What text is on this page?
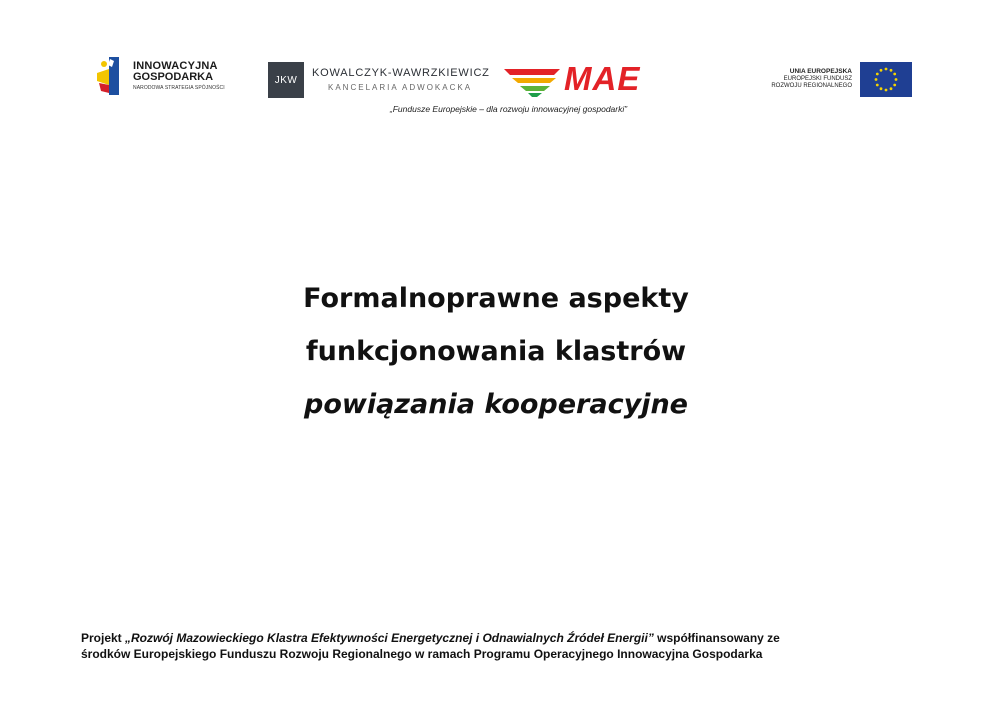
INNOWACYJNA
GOSPODARKA
NARODOWA STRATEGIA SPÓJNOŚCI
JKW
KOWALCZYK-WAWRZKIEWICZ
KANCELARIA ADWOKACKA	MAE
„Fundusze Europejskie – dla rozwoju innowacyjnej gospodarki”
UNIA EUROPEJSKA
EUROPEJSKI FUNDUSZ
ROZWOJU REGIONALNEGO
Formalnoprawne aspekty
funkcjonowania klastrów
powiązania kooperacyjne
Projekt „Rozwój Mazowieckiego Klastra Efektywności Energetycznej i Odnawialnych Źródeł Energii” współfinansowany ze
środków Europejskiego Funduszu Rozwoju Regionalnego w ramach Programu Operacyjnego Innowacyjna Gospodarka
